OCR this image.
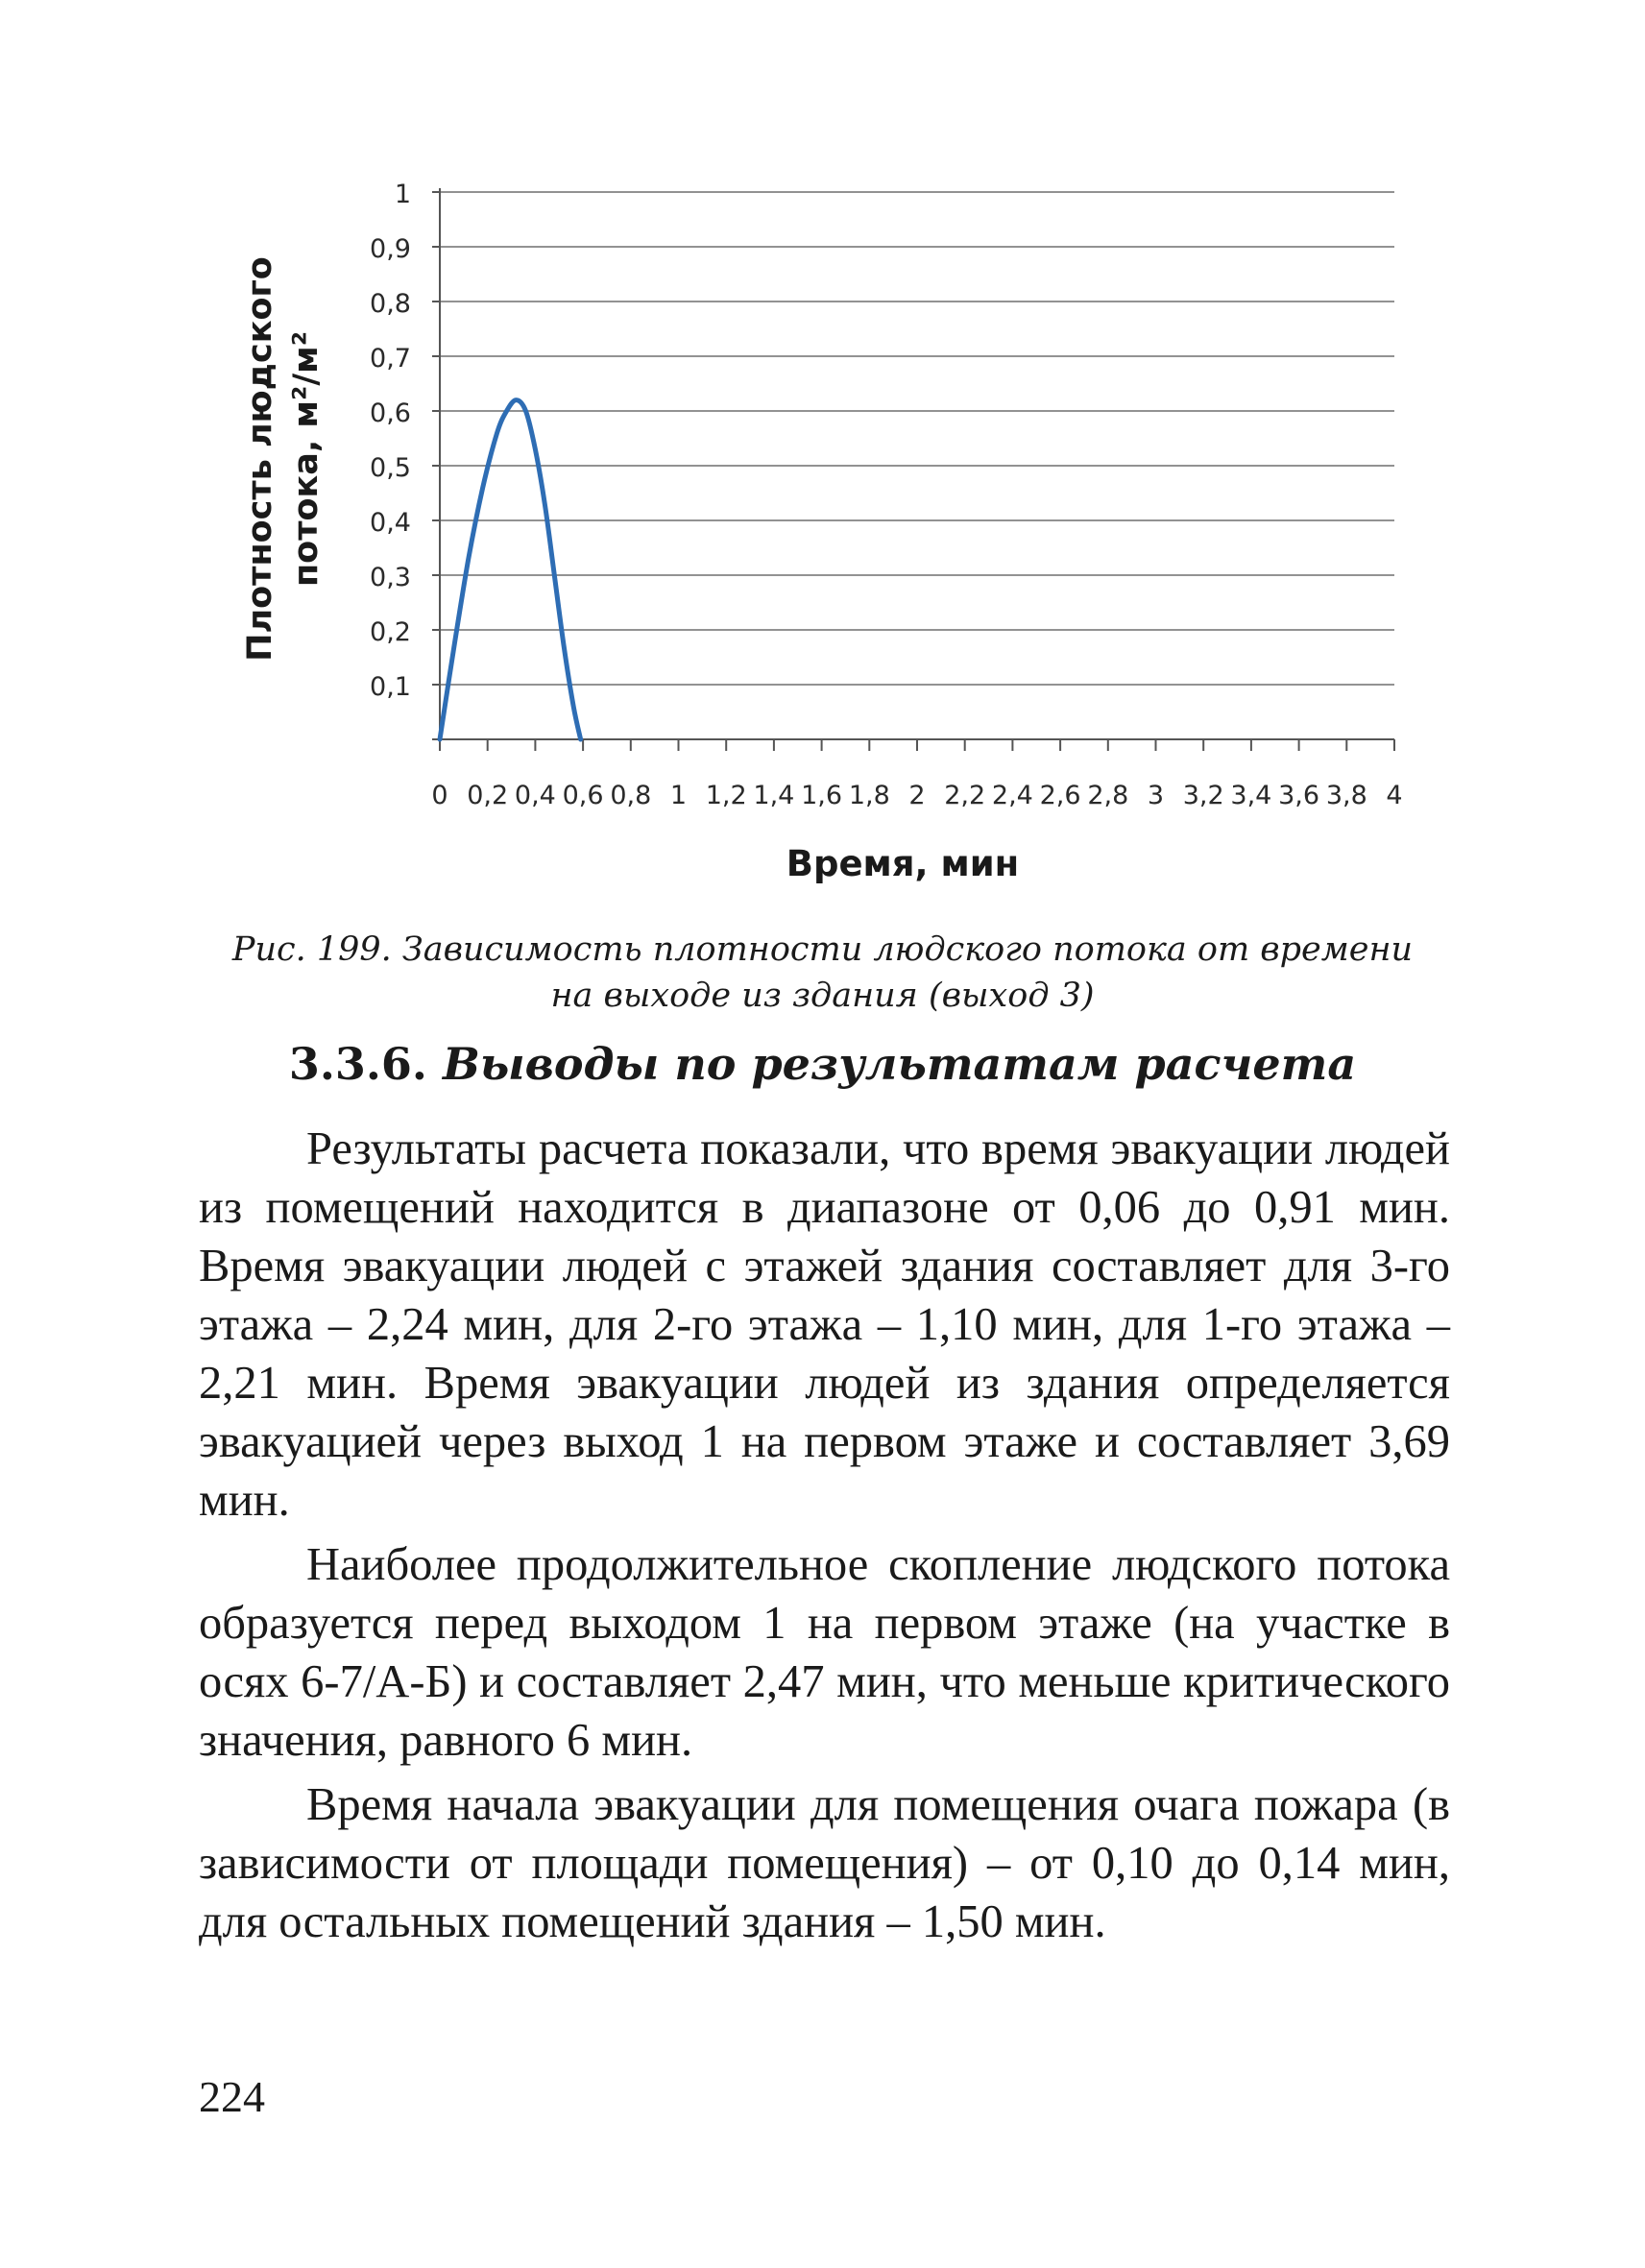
0,1
0,2
0,3
0,4
0,5
0,6
0,7
0,8
0,9
1
0 0,2 0,4 0,6 0,8 1 1,2 1,4 1,6 1,8 2 2,2 2,4 2,6 2,8 3 3,2 3,4 3,6 3,8 4
Плотность людского потока, м²/м²
Время, мин
Рис. 199. Зависимость плотности людского потока от времени
на выходе из здания (выход 3)
3.3.6. Выводы по результатам расчета

Результаты расчета показали, что время эвакуации людей из помещений находится в диапазоне от 0,06 до 0,91 мин. Время эвакуации людей с этажей здания составляет для 3-го этажа – 2,24 мин, для 2-го этажа – 1,10 мин, для 1-го этажа – 2,21 мин. Время эвакуации людей из здания определяется эвакуацией через выход 1 на первом этаже и составляет 3,69 мин.

Наиболее продолжительное скопление людского потока образуется перед выходом 1 на первом этаже (на участке в осях 6-7/А-Б) и составляет 2,47 мин, что меньше критического значения, равного 6 мин.

Время начала эвакуации для помещения очага пожара (в зависимости от площади помещения) – от 0,10 до 0,14 мин, для остальных помещений здания – 1,50 мин.

224
